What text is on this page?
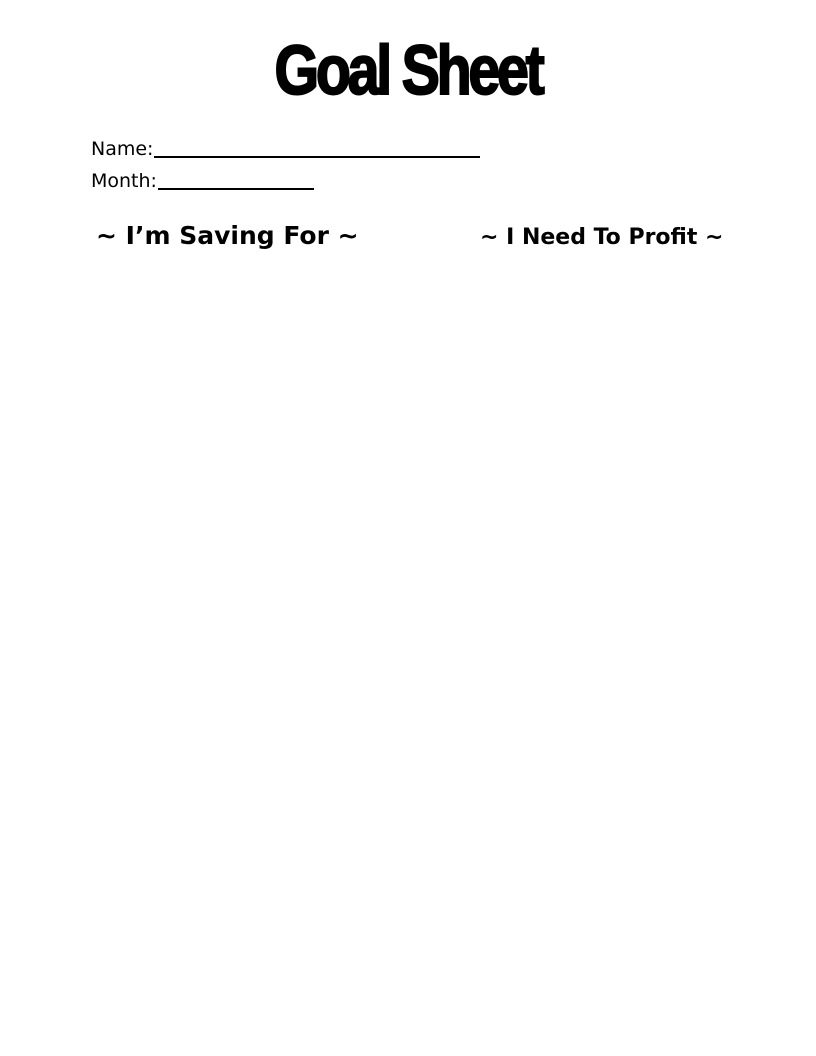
Goal Sheet
Name:
Month:
~ I’m Saving For ~	~ I Need To Profit ~
